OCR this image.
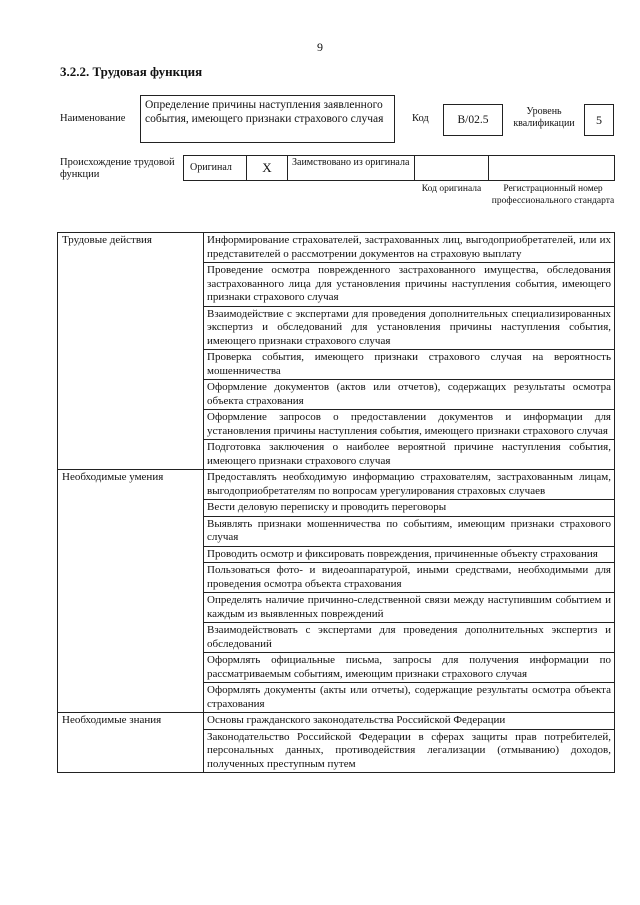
9
3.2.2. Трудовая функция
Наименование
Определение причины наступления заявленного события, имеющего признаки страхового случая	Код	B/02.5
Уровень квалификации	5
Происхождение трудовой функции
Оригинал	X	Заимствовано из оригинала
Код оригинала	Регистрационный номер профессионального стандарта
Трудовые действия	Информирование страхователей, застрахованных лиц, выгодоприобретателей, или их представителей о рассмотрении документов на страховую выплату
	Проведение осмотра поврежденного застрахованного имущества, обследования застрахованного лица для установления причины наступления события, имеющего признаки страхового случая
	Взаимодействие с экспертами для проведения дополнительных специализированных экспертиз и обследований для установления причины наступления события, имеющего признаки страхового случая
	Проверка события, имеющего признаки страхового случая на вероятность мошенничества
	Оформление документов (актов или отчетов), содержащих результаты осмотра объекта страхования
	Оформление запросов о предоставлении документов и информации для установления причины наступления события, имеющего признаки страхового случая
	Подготовка заключения о наиболее вероятной причине наступления события, имеющего признаки страхового случая
Необходимые умения	Предоставлять необходимую информацию страхователям, застрахованным лицам, выгодоприобретателям по вопросам урегулирования страховых случаев
	Вести деловую переписку и проводить переговоры
	Выявлять признаки мошенничества по событиям, имеющим признаки страхового случая
	Проводить осмотр и фиксировать повреждения, причиненные объекту страхования
	Пользоваться фото- и видеоаппаратурой, иными средствами, необходимыми для проведения осмотра объекта страхования
	Определять наличие причинно-следственной связи между наступившим событием и каждым из выявленных повреждений
	Взаимодействовать с экспертами для проведения дополнительных экспертиз и обследований
	Оформлять официальные письма, запросы для получения информации по рассматриваемым событиям, имеющим признаки страхового случая
	Оформлять документы (акты или отчеты), содержащие результаты осмотра объекта страхования
Необходимые знания	Основы гражданского законодательства Российской Федерации
	Законодательство Российской Федерации в сферах защиты прав потребителей, персональных данных, противодействия легализации (отмыванию) доходов, полученных преступным путем
